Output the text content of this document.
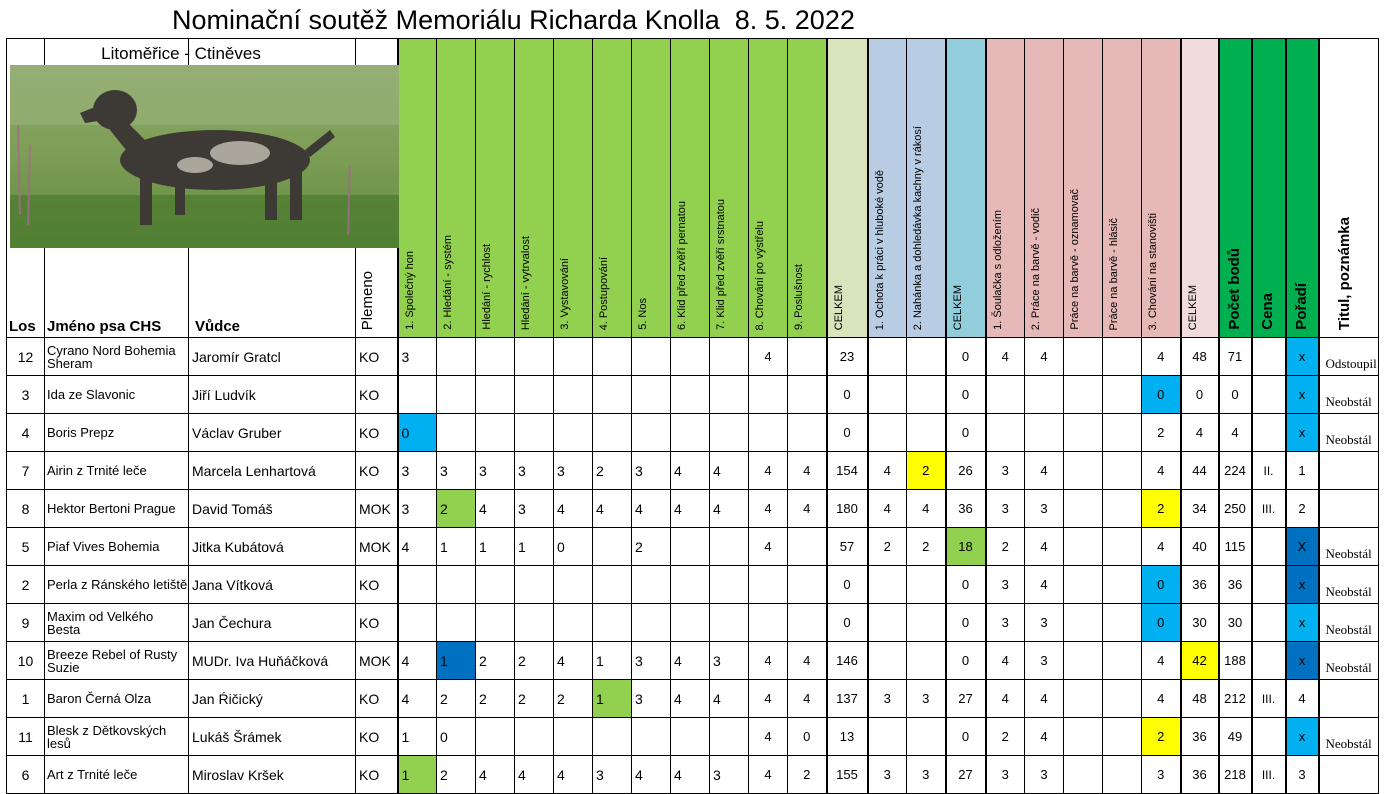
Nominační soutěž Memoriálu Richarda Knolla  8. 5. 2022
Los	Jméno psa CHS	Vůdce	Plemeno	1. Společný hon	2. Hledání - systém	Hledání - rychlost	Hledání - vytrvalost	3. Vystavování	4. Postupování	5. Nos	6. Klid před zvěří pernatou	7. Klid před zvěří srstnatou	8. Chování po výstřelu	9. Poslušnost	CELKEM	1. Ochota k práci v hluboké vodě	2. Nahánka a dohledávka kachny v rákosí	CELKEM	1. Šoulačka s odložením	2. Práce na barvě - vodič	Práce na barvě - oznamovač	Práce na barvě - hlásič	3. Chování na stanovišti	CELKEM	Počet bodů	Cena	Pořadí	Titul, poznámka
12	Cyrano Nord Bohemia Sheram	Jaromír Gratcl	KO	3									4		23			0	4	4			4	48	71		x	Odstoupil
3	Ida ze Slavonic	Jiří Ludvík	KO												0			0					0	0	0		x	Neobstál
4	Boris Prepz	Václav Gruber	KO	0											0			0					2	4	4		x	Neobstál
7	Airin z Trnité leče	Marcela Lenhartová	KO	3	3	3	3	3	2	3	4	4	4	4	154	4	2	26	3	4			4	44	224	II.	1	
8	Hektor Bertoni Prague	David Tomáš	MOK	3	2	4	3	4	4	4	4	4	4	4	180	4	4	36	3	3			2	34	250	III.	2	
5	Piaf Vives Bohemia	Jitka Kubátová	MOK	4	1	1	1	0		2			4		57	2	2	18	2	4			4	40	115		X	Neobstál
2	Perla z Ránského letiště	Jana Vítková	KO												0			0	3	4			0	36	36		x	Neobstál
9	Maxim od Velkého Besta	Jan Čechura	KO												0			0	3	3			0	30	30		x	Neobstál
10	Breeze Rebel of Rusty Suzie	MUDr. Iva Huňáčková	MOK	4	1	2	2	4	1	3	4	3	4	4	146			0	4	3			4	42	188		x	Neobstál
1	Baron Černá Olza	Jan Ŕičický	KO	4	2	2	2	2	1	3	4	4	4	4	137	3	3	27	4	4			4	48	212	III.	4	
11	Blesk z Dětkovských lesů	Lukáš Šrámek	KO	1	0								4	0	13			0	2	4			2	36	49		x	Neobstál
6	Art z Trnité leče	Miroslav Kršek	KO	1	2	4	4	4	3	4	4	3	4	2	155	3	3	27	3	3			3	36	218	III.	3	
Litoměřice - Ctiněves
